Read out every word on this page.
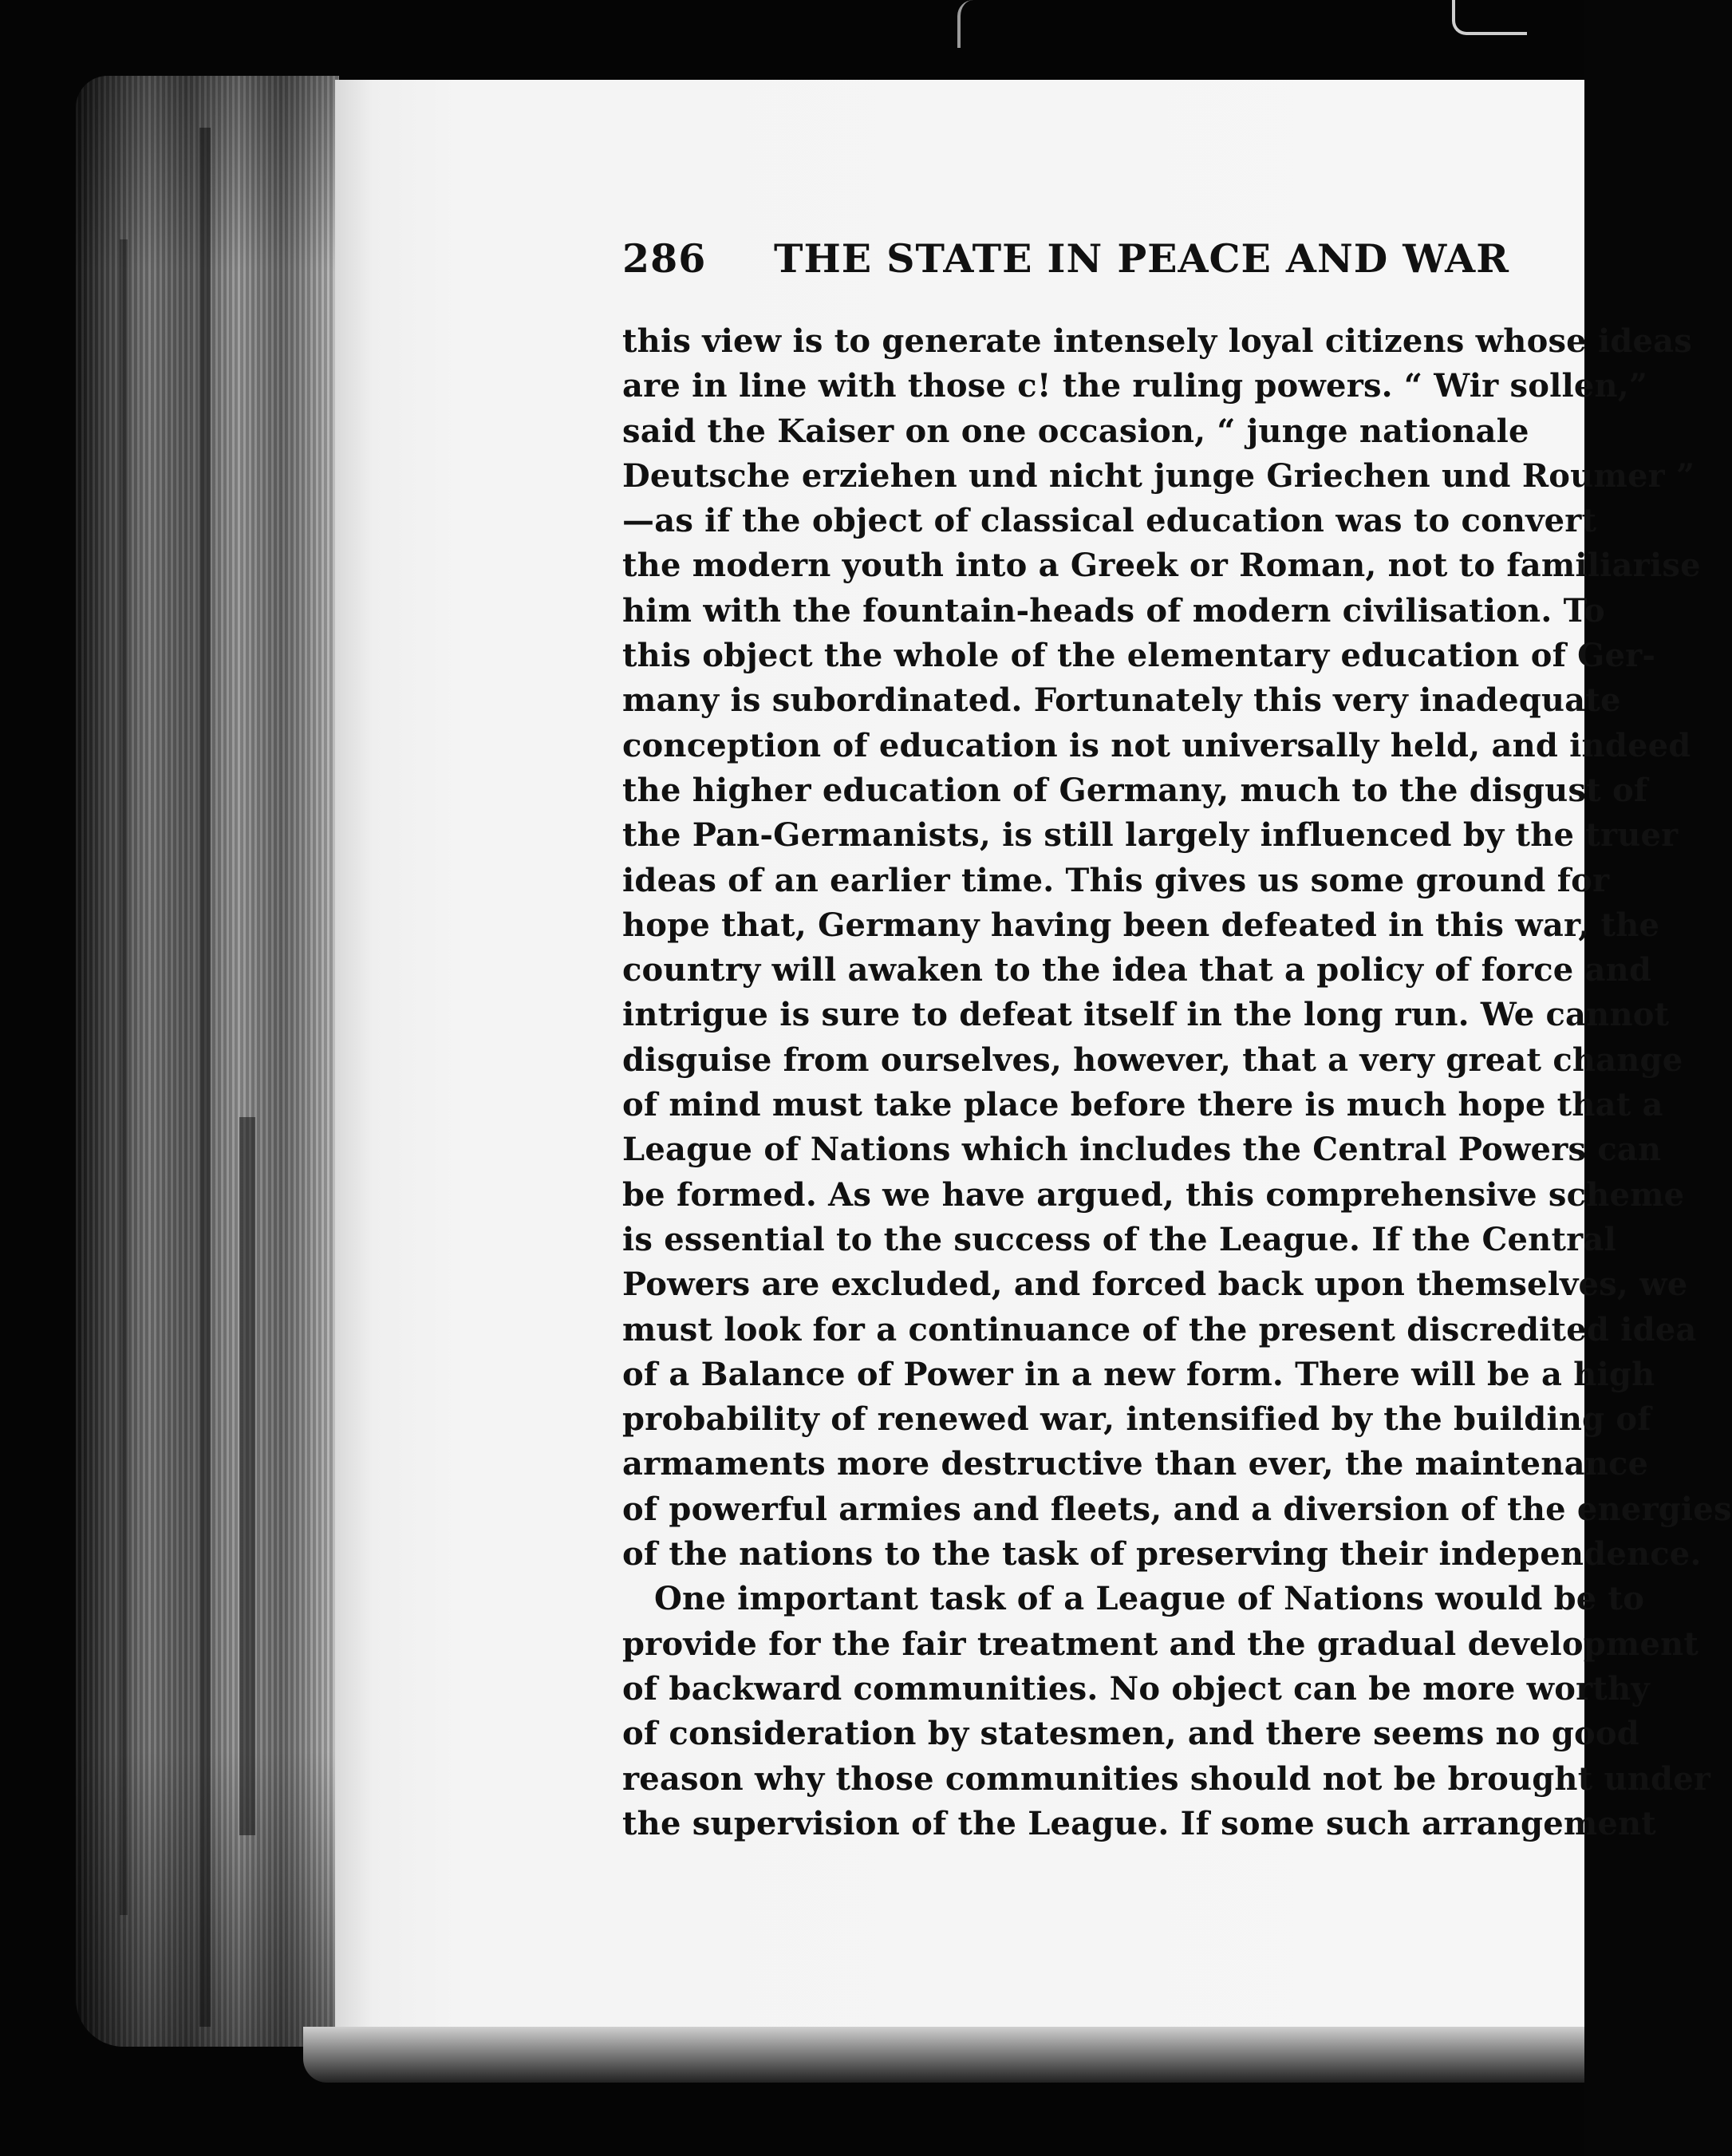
286 THE STATE IN PEACE AND WAR
this view is to generate intensely loyal citizens whose ideas
are in line with those c! the ruling powers. “ Wir sollen,”
said the Kaiser on one occasion, “ junge nationale
Deutsche erziehen und nicht junge Griechen und Roumer ”
—as if the object of classical education was to convert
the modern youth into a Greek or Roman, not to familiarise
him with the fountain-heads of modern civilisation. To
this object the whole of the elementary education of Ger-
many is subordinated. Fortunately this very inadequate
conception of education is not universally held, and indeed
the higher education of Germany, much to the disgust of
the Pan-Germanists, is still largely influenced by the truer
ideas of an earlier time. This gives us some ground for
hope that, Germany having been defeated in this war, the
country will awaken to the idea that a policy of force and
intrigue is sure to defeat itself in the long run. We cannot
disguise from ourselves, however, that a very great change
of mind must take place before there is much hope that a
League of Nations which includes the Central Powers can
be formed. As we have argued, this comprehensive scheme
is essential to the success of the League. If the Central
Powers are excluded, and forced back upon themselves, we
must look for a continuance of the present discredited idea
of a Balance of Power in a new form. There will be a high
probability of renewed war, intensified by the building of
armaments more destructive than ever, the maintenance
of powerful armies and fleets, and a diversion of the energies
of the nations to the task of preserving their independence.
One important task of a League of Nations would be to
provide for the fair treatment and the gradual development
of backward communities. No object can be more worthy
of consideration by statesmen, and there seems no good
reason why those communities should not be brought under
the supervision of the League. If some such arrangement
